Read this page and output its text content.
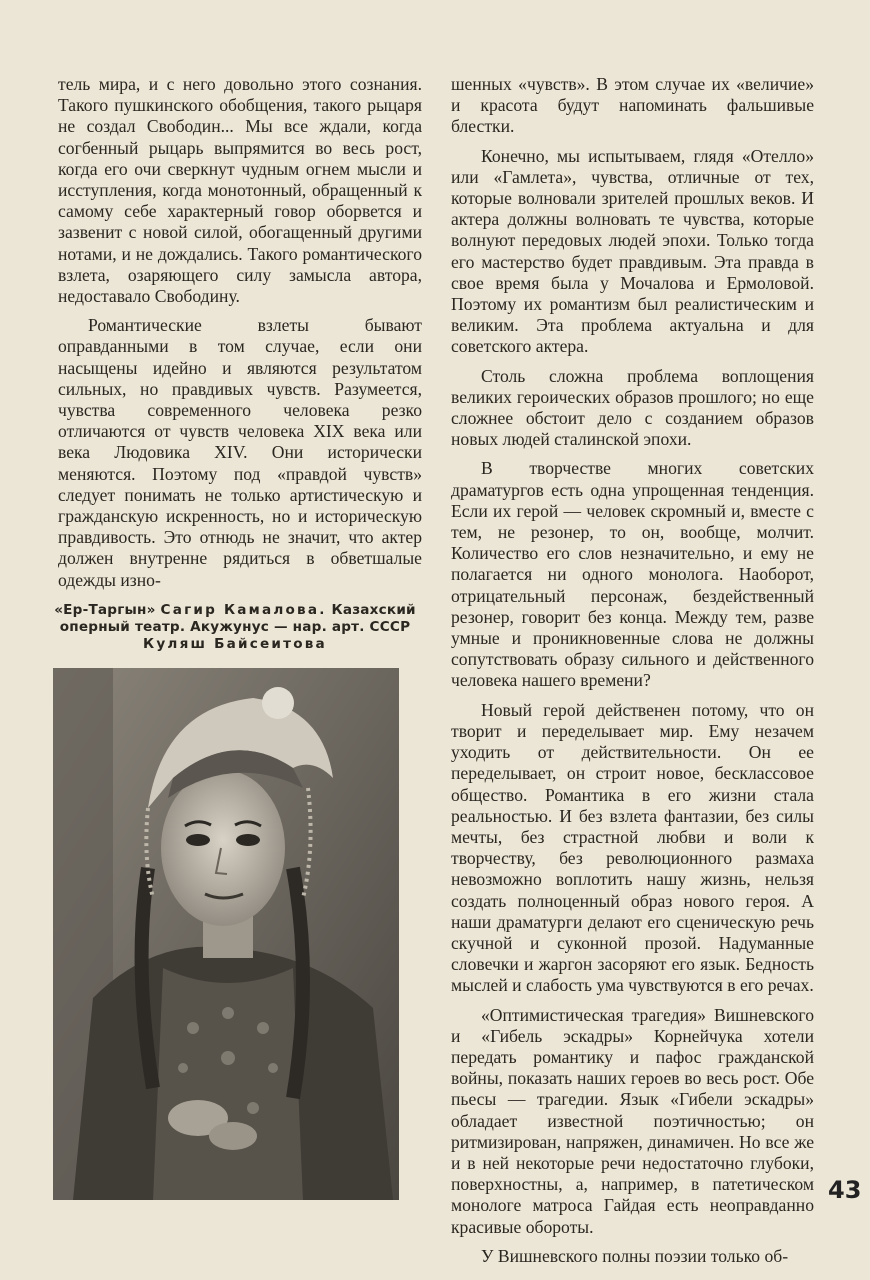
тель мира, и с него довольно этого сознания. Такого пушкинского обобщения, такого рыцаря не создал Свободин... Мы все ждали, когда согбенный рыцарь выпрямится во весь рост, когда его очи сверкнут чудным огнем мысли и исступления, когда монотонный, обращенный к самому себе характерный говор оборвется и зазвенит с новой силой, обогащенный другими нотами, и не дождались. Такого романтического взлета, озаряющего силу замысла автора, недоставало Свободину.

Романтические взлеты бывают оправданными в том случае, если они насыщены идейно и являются результатом сильных, но правдивых чувств. Разумеется, чувства современного человека резко отличаются от чувств человека XIX века или века Людовика XIV. Они исторически меняются. Поэтому под «правдой чувств» следует понимать не только артистическую и гражданскую искренность, но и историческую правдивость. Это отнюдь не значит, что актер должен внутренне рядиться в обветшалые одежды изно-

«Ер-Таргын» Сагир Камалова. Казахский
оперный театр. Акужунус — нар. арт. СССР
Куляш Байсеитова

шенных «чувств». В этом случае их «величие» и красота будут напоминать фальшивые блестки.

Конечно, мы испытываем, глядя «Отелло» или «Гамлета», чувства, отличные от тех, которые волновали зрителей прошлых веков. И актера должны волновать те чувства, которые волнуют передовых людей эпохи. Только тогда его мастерство будет правдивым. Эта правда в свое время была у Мочалова и Ермоловой. Поэтому их романтизм был реалистическим и великим. Эта проблема актуальна и для советского актера.

Столь сложна проблема воплощения великих героических образов прошлого; но еще сложнее обстоит дело с созданием образов новых людей сталинской эпохи.

В творчестве многих советских драматургов есть одна упрощенная тенденция. Если их герой — человек скромный и, вместе с тем, не резонер, то он, вообще, молчит. Количество его слов незначительно, и ему не полагается ни одного монолога. Наоборот, отрицательный персонаж, бездейственный резонер, говорит без конца. Между тем, разве умные и проникновенные слова не должны сопутствовать образу сильного и действенного человека нашего времени?

Новый герой действенен потому, что он творит и переделывает мир. Ему незачем уходить от действительности. Он ее переделывает, он строит новое, бесклассовое общество. Романтика в его жизни стала реальностью. И без взлета фантазии, без силы мечты, без страстной любви и воли к творчеству, без революционного размаха невозможно воплотить нашу жизнь, нельзя создать полноценный образ нового героя. А наши драматурги делают его сценическую речь скучной и суконной прозой. Надуманные словечки и жаргон засоряют его язык. Бедность мыслей и слабость ума чувствуются в его речах.

«Оптимистическая трагедия» Вишневского и «Гибель эскадры» Корнейчука хотели передать романтику и пафос гражданской войны, показать наших героев во весь рост. Обе пьесы — трагедии. Язык «Гибели эскадры» обладает известной поэтичностью; он ритмизирован, напряжен, динамичен. Но все же и в ней некоторые речи недостаточно глубоки, поверхностны, а, например, в патетическом монологе матроса Гайдая есть неоправданно красивые обороты.

У Вишневского полны поэзии только об-

43
